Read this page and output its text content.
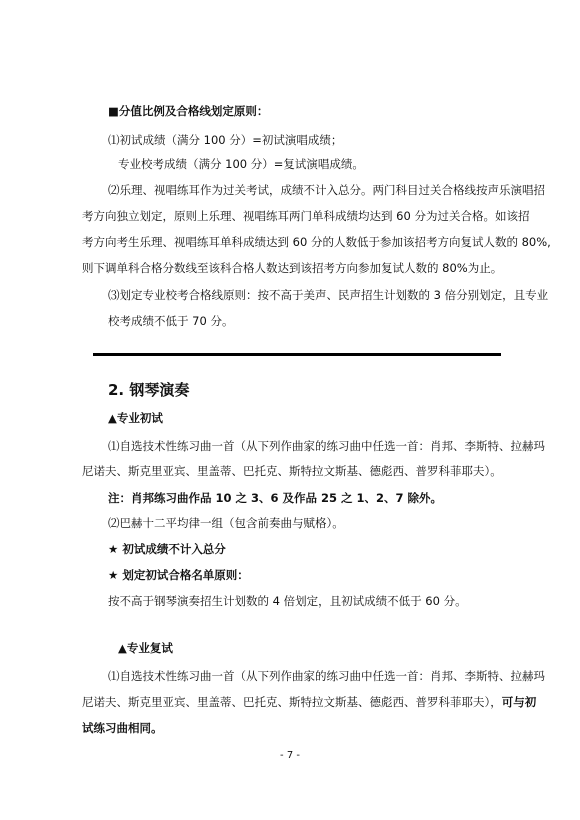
■分值比例及合格线划定原则：
⑴初试成绩（满分 100 分）=初试演唱成绩；
专业校考成绩（满分 100 分）=复试演唱成绩。
⑵乐理、视唱练耳作为过关考试，成绩不计入总分。两门科目过关合格线按声乐演唱招
考方向独立划定，原则上乐理、视唱练耳两门单科成绩均达到 60 分为过关合格。如该招
考方向考生乐理、视唱练耳单科成绩达到 60 分的人数低于参加该招考方向复试人数的 80%,
则下调单科合格分数线至该科合格人数达到该招考方向参加复试人数的 80%为止。
⑶划定专业校考合格线原则：按不高于美声、民声招生计划数的 3 倍分别划定，且专业
校考成绩不低于 70 分。
2. 钢琴演奏
▲专业初试
⑴自选技术性练习曲一首（从下列作曲家的练习曲中任选一首：肖邦、李斯特、拉赫玛
尼诺夫、斯克里亚宾、里盖蒂、巴托克、斯特拉文斯基、德彪西、普罗科菲耶夫）。
注：肖邦练习曲作品 10 之 3、6 及作品 25 之 1、2、7 除外。
⑵巴赫十二平均律一组（包含前奏曲与赋格）。
★ 初试成绩不计入总分
★ 划定初试合格名单原则：
按不高于钢琴演奏招生计划数的 4 倍划定，且初试成绩不低于 60 分。
▲专业复试
⑴自选技术性练习曲一首（从下列作曲家的练习曲中任选一首：肖邦、李斯特、拉赫玛
尼诺夫、斯克里亚宾、里盖蒂、巴托克、斯特拉文斯基、德彪西、普罗科菲耶夫），可与初
试练习曲相同。
- 7 -
